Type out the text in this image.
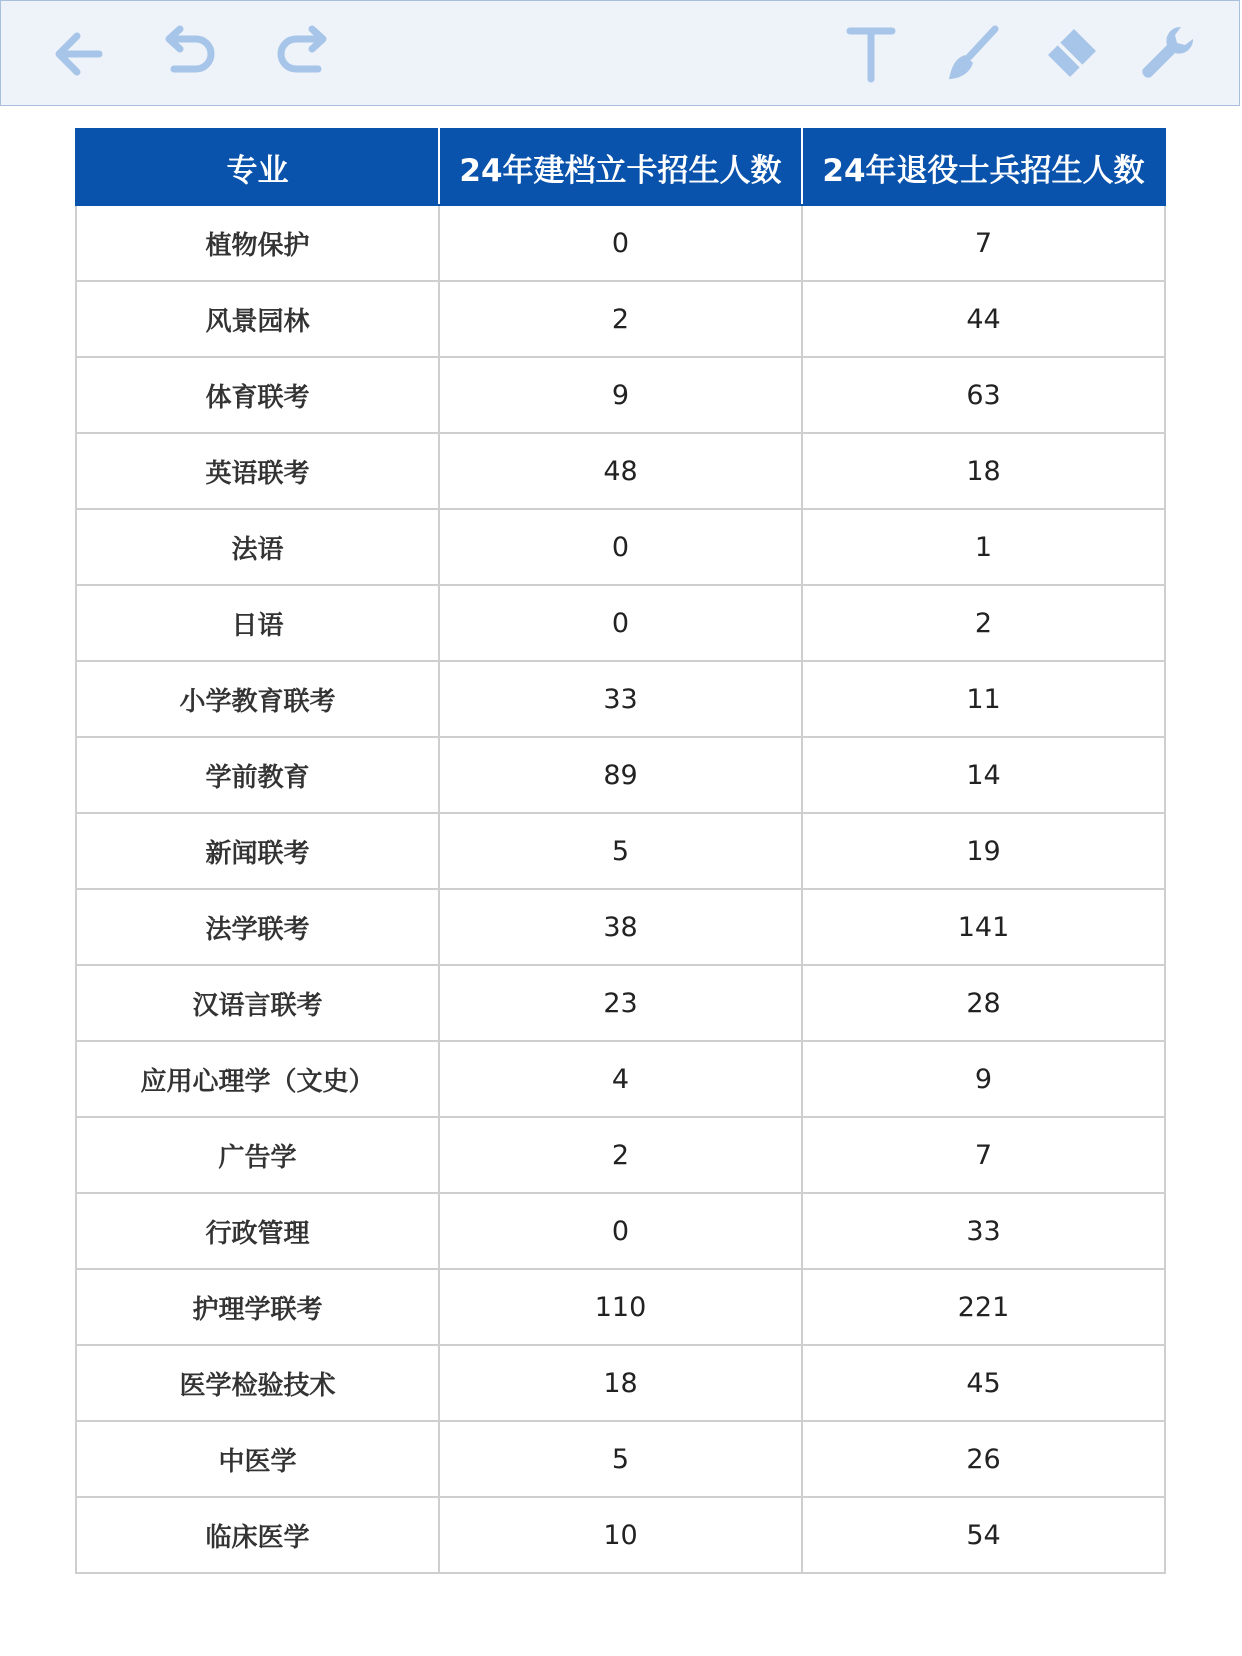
专业	24年建档立卡招生人数	24年退役士兵招生人数
植物保护	0	7
风景园林	2	44
体育联考	9	63
英语联考	48	18
法语	0	1
日语	0	2
小学教育联考	33	11
学前教育	89	14
新闻联考	5	19
法学联考	38	141
汉语言联考	23	28
应用心理学（文史）	4	9
广告学	2	7
行政管理	0	33
护理学联考	110	221
医学检验技术	18	45
中医学	5	26
临床医学	10	54
